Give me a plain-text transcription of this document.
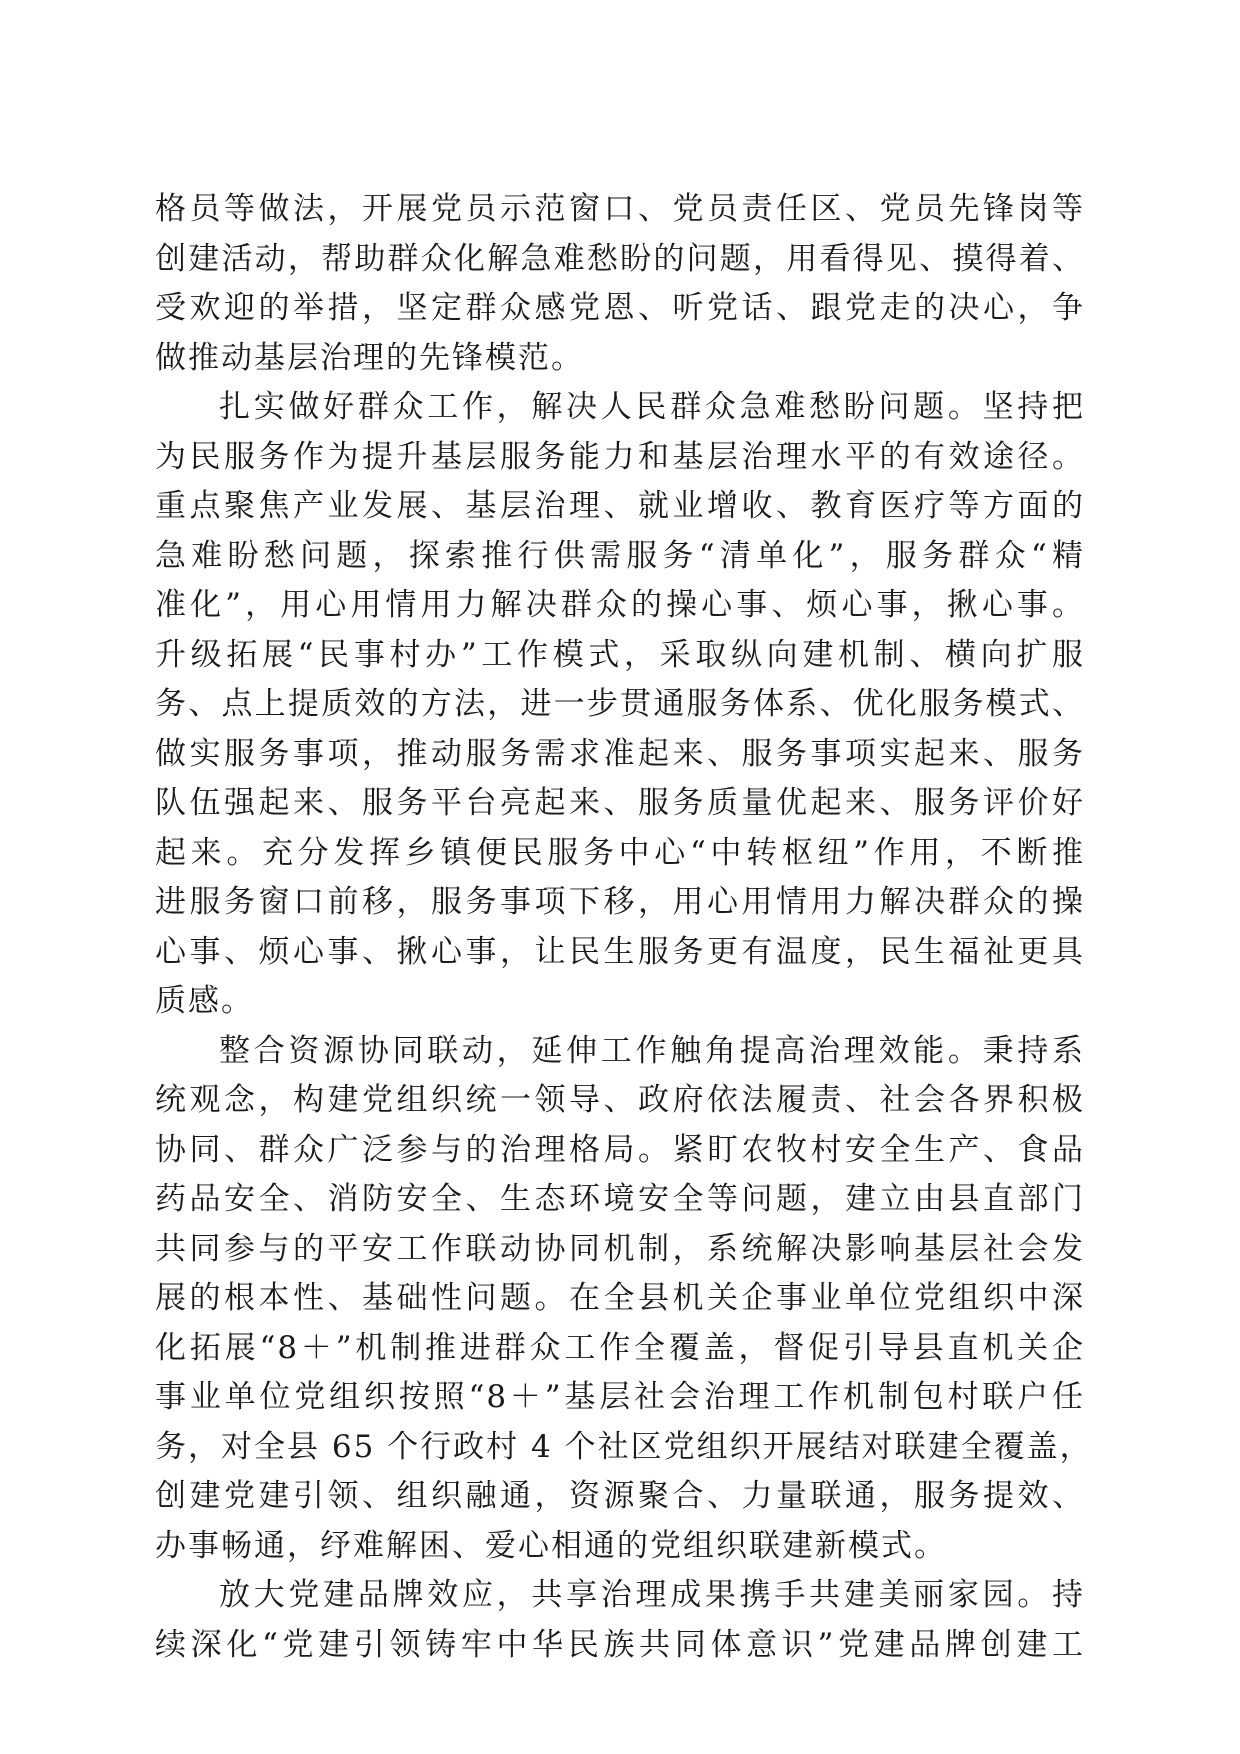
格员等做法，开展党员示范窗口、党员责任区、党员先锋岗等
创建活动，帮助群众化解急难愁盼的问题，用看得见、摸得着、
受欢迎的举措，坚定群众感党恩、听党话、跟党走的决心，争
做推动基层治理的先锋模范。
扎实做好群众工作，解决人民群众急难愁盼问题。坚持把
为民服务作为提升基层服务能力和基层治理水平的有效途径。
重点聚焦产业发展、基层治理、就业增收、教育医疗等方面的
急难盼愁问题，探索推行供需服务“清单化”，服务群众“精
准化”，用心用情用力解决群众的操心事、烦心事，揪心事。
升级拓展“民事村办”工作模式，采取纵向建机制、横向扩服
务、点上提质效的方法，进一步贯通服务体系、优化服务模式、
做实服务事项，推动服务需求准起来、服务事项实起来、服务
队伍强起来、服务平台亮起来、服务质量优起来、服务评价好
起来。充分发挥乡镇便民服务中心“中转枢纽”作用，不断推
进服务窗口前移，服务事项下移，用心用情用力解决群众的操
心事、烦心事、揪心事，让民生服务更有温度，民生福祉更具
质感。
整合资源协同联动，延伸工作触角提高治理效能。秉持系
统观念，构建党组织统一领导、政府依法履责、社会各界积极
协同、群众广泛参与的治理格局。紧盯农牧村安全生产、食品
药品安全、消防安全、生态环境安全等问题，建立由县直部门
共同参与的平安工作联动协同机制，系统解决影响基层社会发
展的根本性、基础性问题。在全县机关企事业单位党组织中深
化拓展“8＋”机制推进群众工作全覆盖，督促引导县直机关企
事业单位党组织按照“8＋”基层社会治理工作机制包村联户任
务，对全县 65 个行政村 4 个社区党组织开展结对联建全覆盖，
创建党建引领、组织融通，资源聚合、力量联通，服务提效、
办事畅通，纾难解困、爱心相通的党组织联建新模式。
放大党建品牌效应，共享治理成果携手共建美丽家园。持
续深化“党建引领铸牢中华民族共同体意识”党建品牌创建工
